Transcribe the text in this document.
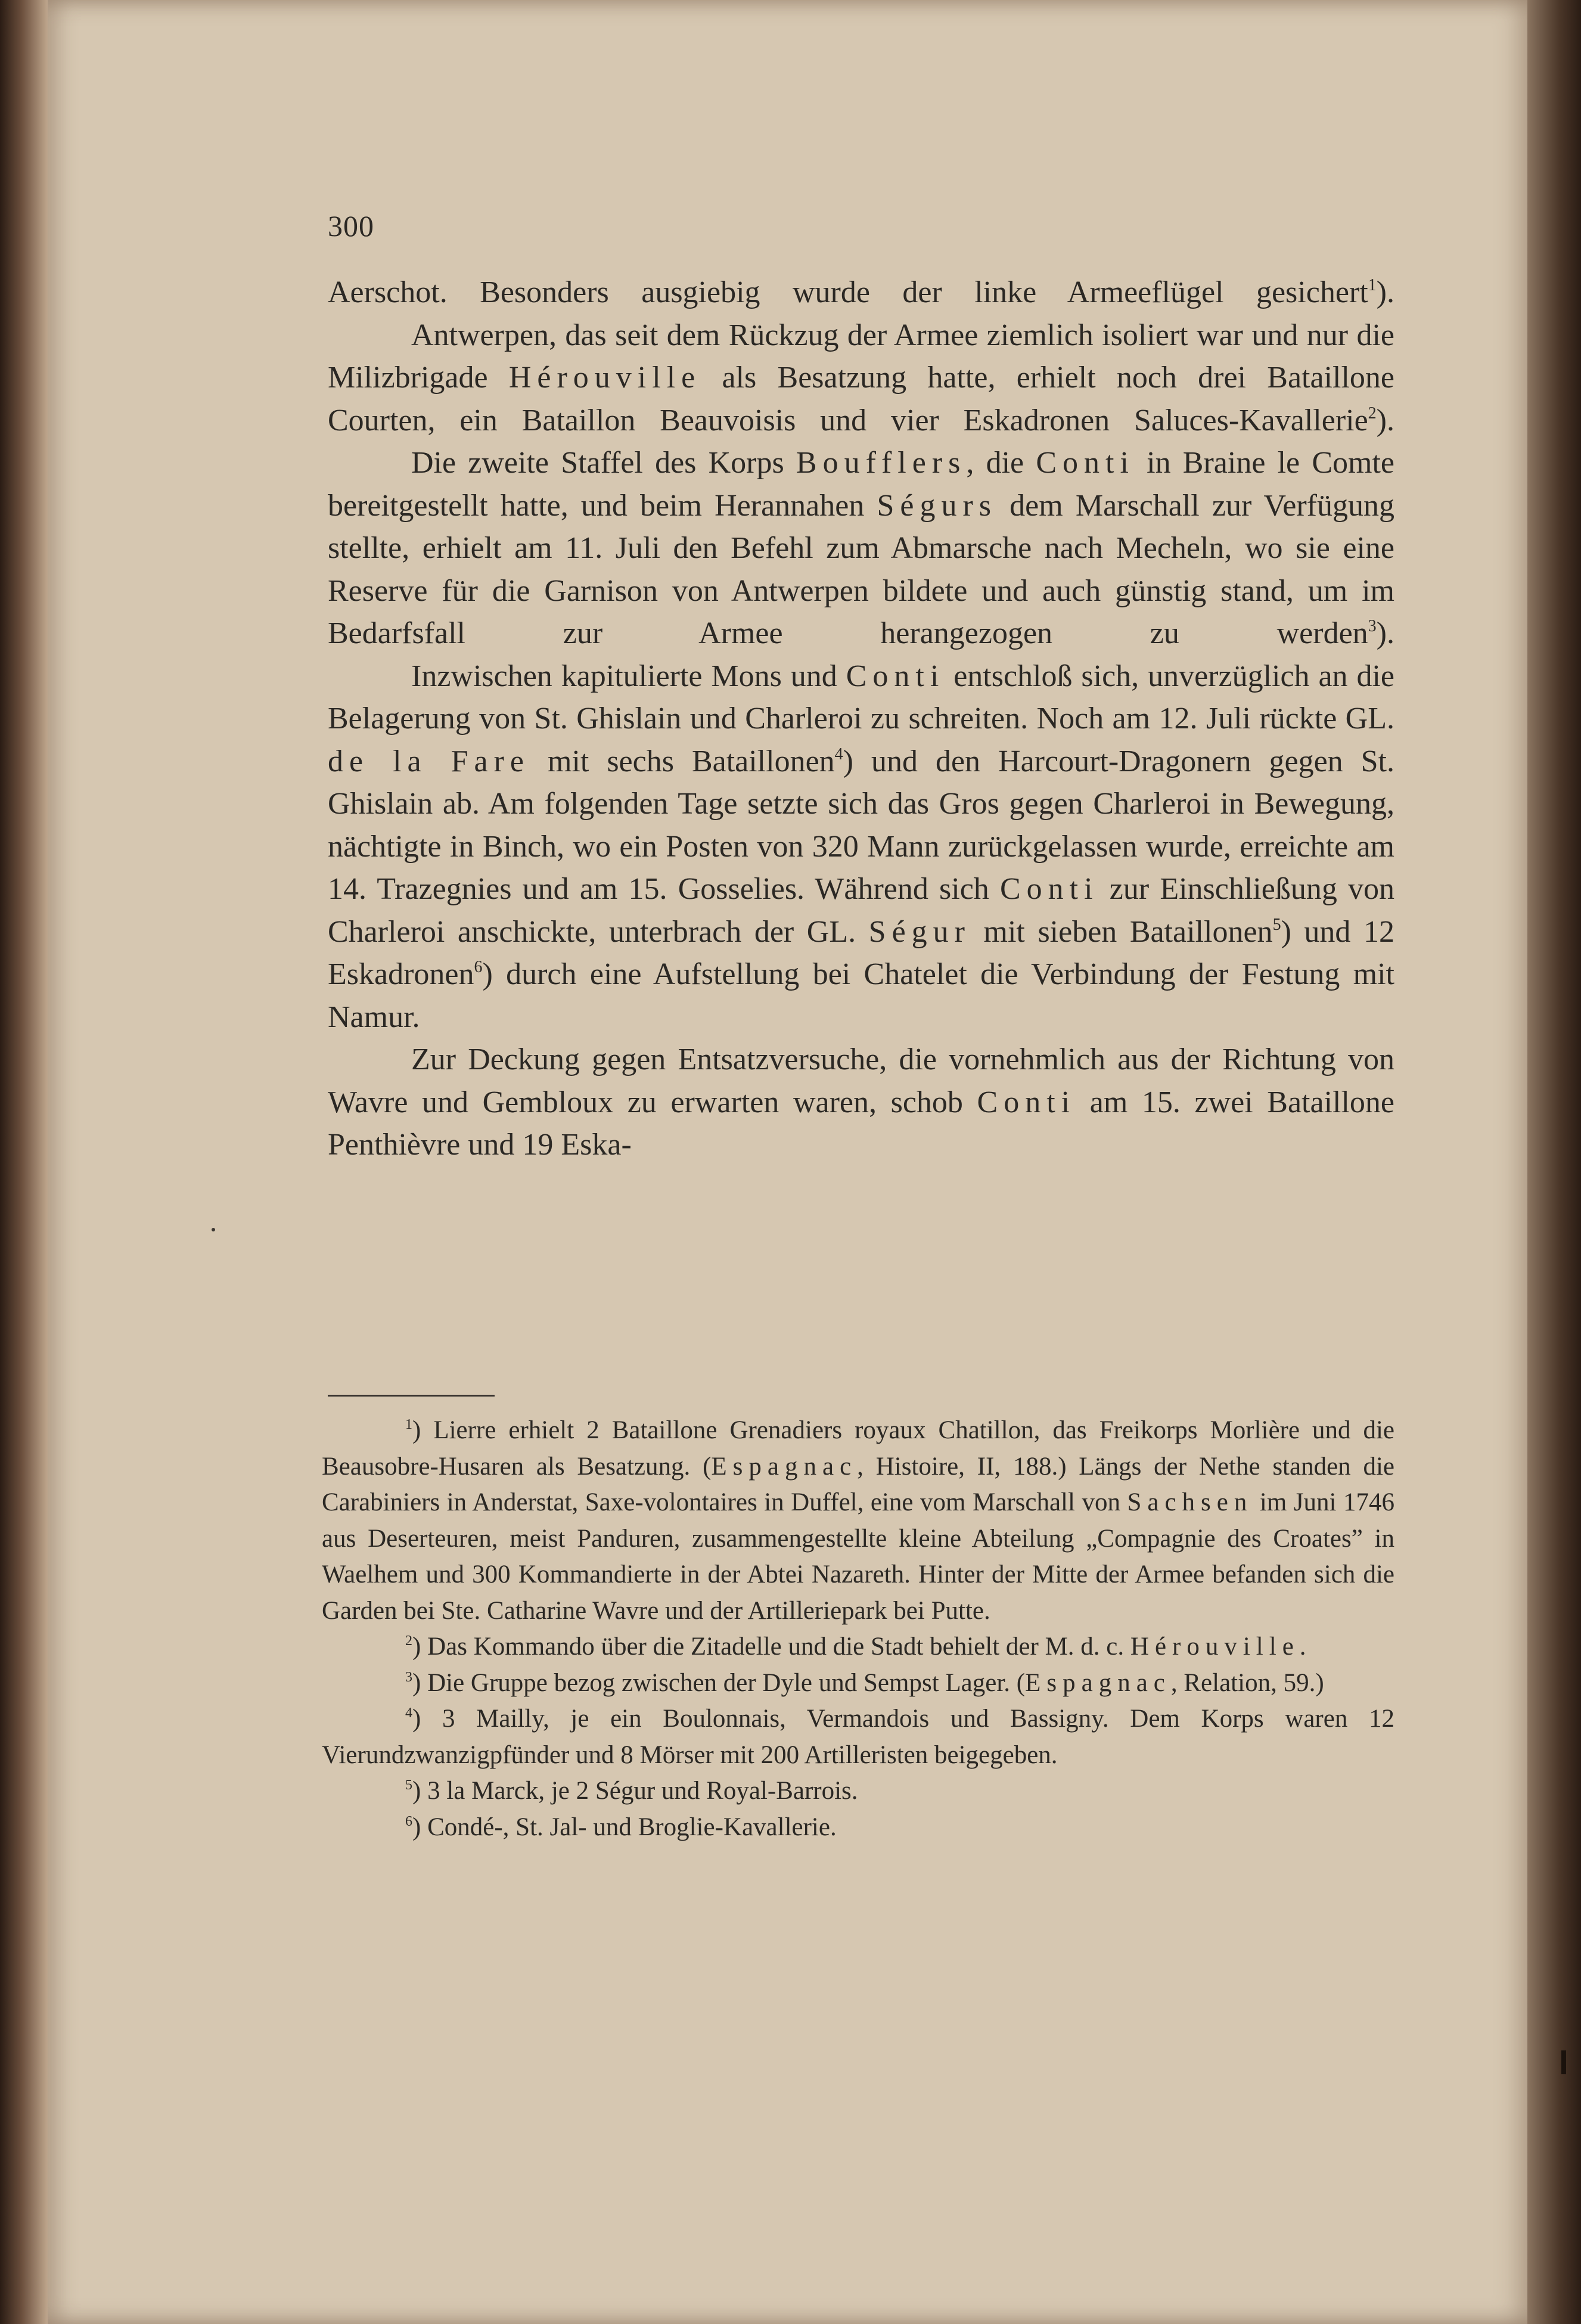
300

Aerschot. Besonders ausgiebig wurde der linke Armeeflügel gesichert$^1$).

Antwerpen, das seit dem Rückzug der Armee ziemlich isoliert war und nur die Milizbrigade Hérouville als Besatzung hatte, erhielt noch drei Bataillone Courten, ein Bataillon Beauvoisis und vier Eskadronen Saluces-Kavallerie$^2$).

Die zweite Staffel des Korps Boufflers, die Conti in Braine le Comte bereitgestellt hatte, und beim Herannahen Ségurs dem Marschall zur Verfügung stellte, erhielt am 11. Juli den Befehl zum Abmarsche nach Mecheln, wo sie eine Reserve für die Garnison von Antwerpen bildete und auch günstig stand, um im Bedarfsfall zur Armee herangezogen zu werden$^3$).

Inzwischen kapitulierte Mons und Conti entschloß sich, unverzüglich an die Belagerung von St. Ghislain und Charleroi zu schreiten. Noch am 12. Juli rückte GL. de la Fare mit sechs Bataillonen$^4$) und den Harcourt-Dragonern gegen St. Ghislain ab. Am folgenden Tage setzte sich das Gros gegen Charleroi in Bewegung, nächtigte in Binch, wo ein Posten von 320 Mann zurückgelassen wurde, erreichte am 14. Trazegnies und am 15. Gosselies. Während sich Conti zur Einschließung von Charleroi anschickte, unterbrach der GL. Ségur mit sieben Bataillonen$^5$) und 12 Eskadronen$^6$) durch eine Aufstellung bei Chatelet die Verbindung der Festung mit Namur.

Zur Deckung gegen Entsatzversuche, die vornehmlich aus der Richtung von Wavre und Gembloux zu erwarten waren, schob Conti am 15. zwei Bataillone Penthièvre und 19 Eska-

$^1$) Lierre erhielt 2 Bataillone Grenadiers royaux Chatillon, das Freikorps Morlière und die Beausobre-Husaren als Besatzung. (Espagnac, Histoire, II, 188.) Längs der Nethe standen die Carabiniers in Anderstat, Saxe-volontaires in Duffel, eine vom Marschall von Sachsen im Juni 1746 aus Deserteuren, meist Panduren, zusammengestellte kleine Abteilung „Compagnie des Croates” in Waelhem und 300 Kommandierte in der Abtei Nazareth. Hinter der Mitte der Armee befanden sich die Garden bei Ste. Catharine Wavre und der Artilleriepark bei Putte.

$^2$) Das Kommando über die Zitadelle und die Stadt behielt der M. d. c. Hérouville.

$^3$) Die Gruppe bezog zwischen der Dyle und Sempst Lager. (Espagnac, Relation, 59.)

$^4$) 3 Mailly, je ein Boulonnais, Vermandois und Bassigny. Dem Korps waren 12 Vierundzwanzigpfünder und 8 Mörser mit 200 Artilleristen beigegeben.

$^5$) 3 la Marck, je 2 Ségur und Royal-Barrois.

$^6$) Condé-, St. Jal- und Broglie-Kavallerie.
